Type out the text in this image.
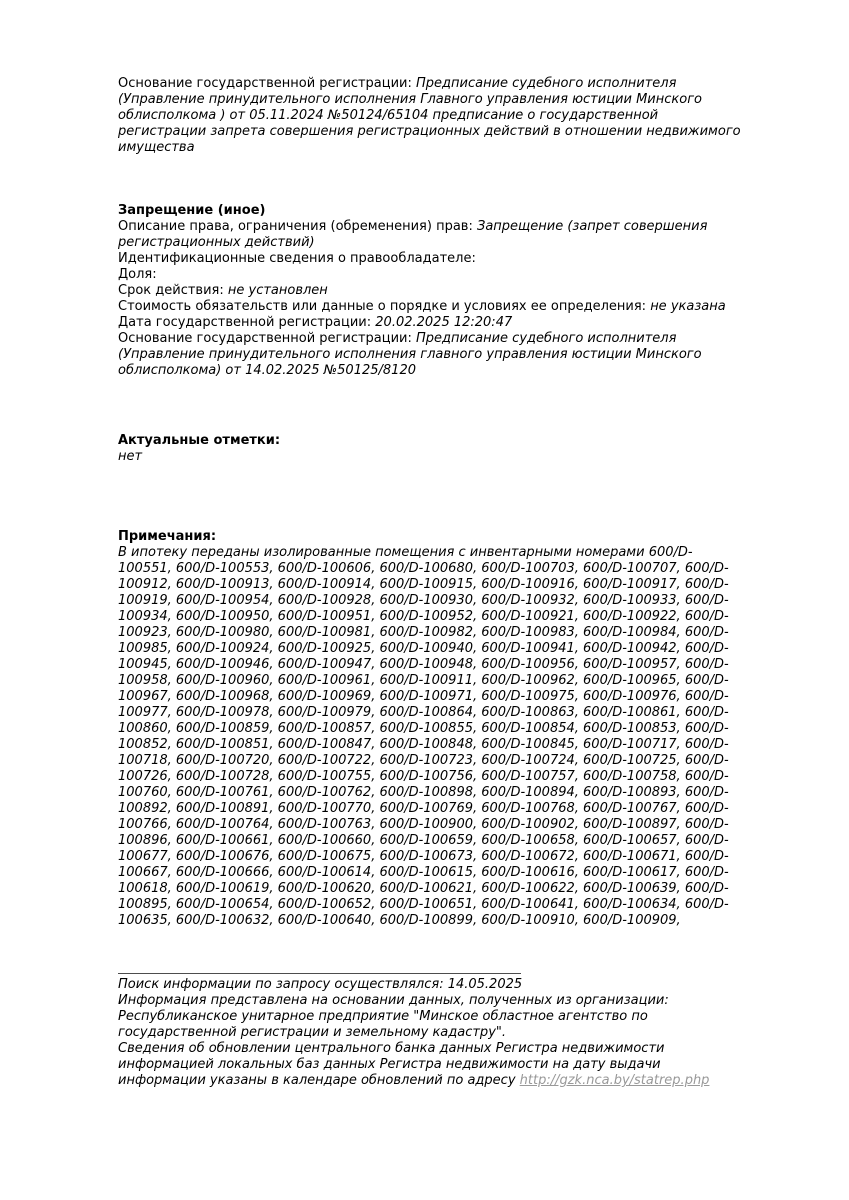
Основание государственной регистрации: Предписание судебного исполнителя (Управление принудительного исполнения Главного управления юстиции Минского облисполкома ) от 05.11.2024 №50124/65104 предписание о государственной регистрации запрета совершения регистрационных действий в отношении недвижимого имущества

Запрещение (иное)

Описание права, ограничения (обременения) прав: Запрещение (запрет совершения регистрационных действий)

Идентификационные сведения о правообладателе:

Доля:

Срок действия: не установлен

Стоимость обязательств или данные о порядке и условиях ее определения: не указана

Дата государственной регистрации: 20.02.2025 12:20:47

Основание государственной регистрации: Предписание судебного исполнителя (Управление принудительного исполнения главного управления юстиции Минского облисполкома) от 14.02.2025 №50125/8120

Актуальные отметки:

нет

Примечания:

В ипотеку переданы изолированные помещения с инвентарными номерами 600/D-100551, 600/D-100553, 600/D-100606, 600/D-100680, 600/D-100703, 600/D-100707, 600/D-100912, 600/D-100913, 600/D-100914, 600/D-100915, 600/D-100916, 600/D-100917, 600/D-100919, 600/D-100954, 600/D-100928, 600/D-100930, 600/D-100932, 600/D-100933, 600/D-100934, 600/D-100950, 600/D-100951, 600/D-100952, 600/D-100921, 600/D-100922, 600/D-100923, 600/D-100980, 600/D-100981, 600/D-100982, 600/D-100983, 600/D-100984, 600/D-100985, 600/D-100924, 600/D-100925, 600/D-100940, 600/D-100941, 600/D-100942, 600/D-100945, 600/D-100946, 600/D-100947, 600/D-100948, 600/D-100956, 600/D-100957, 600/D-100958, 600/D-100960, 600/D-100961, 600/D-100911, 600/D-100962, 600/D-100965, 600/D-100967, 600/D-100968, 600/D-100969, 600/D-100971, 600/D-100975, 600/D-100976, 600/D-100977, 600/D-100978, 600/D-100979, 600/D-100864, 600/D-100863, 600/D-100861, 600/D-100860, 600/D-100859, 600/D-100857, 600/D-100855, 600/D-100854, 600/D-100853, 600/D-100852, 600/D-100851, 600/D-100847, 600/D-100848, 600/D-100845, 600/D-100717, 600/D-100718, 600/D-100720, 600/D-100722, 600/D-100723, 600/D-100724, 600/D-100725, 600/D-100726, 600/D-100728, 600/D-100755, 600/D-100756, 600/D-100757, 600/D-100758, 600/D-100760, 600/D-100761, 600/D-100762, 600/D-100898, 600/D-100894, 600/D-100893, 600/D-100892, 600/D-100891, 600/D-100770, 600/D-100769, 600/D-100768, 600/D-100767, 600/D-100766, 600/D-100764, 600/D-100763, 600/D-100900, 600/D-100902, 600/D-100897, 600/D-100896, 600/D-100661, 600/D-100660, 600/D-100659, 600/D-100658, 600/D-100657, 600/D-100677, 600/D-100676, 600/D-100675, 600/D-100673, 600/D-100672, 600/D-100671, 600/D-100667, 600/D-100666, 600/D-100614, 600/D-100615, 600/D-100616, 600/D-100617, 600/D-100618, 600/D-100619, 600/D-100620, 600/D-100621, 600/D-100622, 600/D-100639, 600/D-100895, 600/D-100654, 600/D-100652, 600/D-100651, 600/D-100641, 600/D-100634, 600/D-100635, 600/D-100632, 600/D-100640, 600/D-100899, 600/D-100910, 600/D-100909,

Поиск информации по запросу осуществлялся: 14.05.2025

Информация представлена на основании данных, полученных из организации: Республиканское унитарное предприятие "Минское областное агентство по государственной регистрации и земельному кадастру".

Сведения об обновлении центрального банка данных Регистра недвижимости информацией локальных баз данных Регистра недвижимости на дату выдачи информации указаны в календаре обновлений по адресу http://gzk.nca.by/statrep.php
